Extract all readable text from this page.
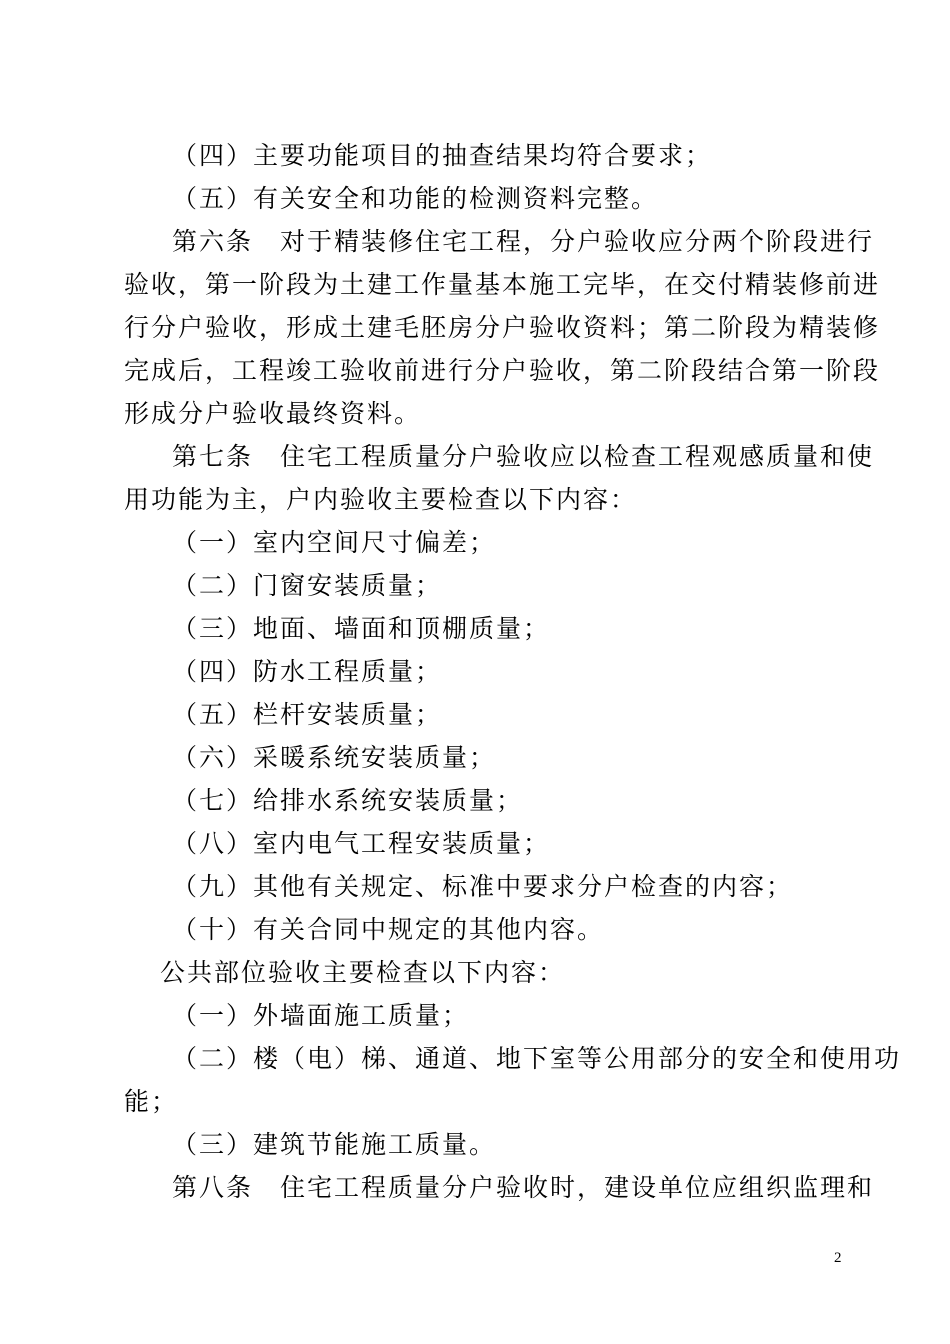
（四）主要功能项目的抽查结果均符合要求；
（五）有关安全和功能的检测资料完整。
第六条　对于精装修住宅工程，分户验收应分两个阶段进行
验收，第一阶段为土建工作量基本施工完毕，在交付精装修前进
行分户验收，形成土建毛胚房分户验收资料；第二阶段为精装修
完成后，工程竣工验收前进行分户验收，第二阶段结合第一阶段
形成分户验收最终资料。
第七条　住宅工程质量分户验收应以检查工程观感质量和使
用功能为主，户内验收主要检查以下内容：
（一）室内空间尺寸偏差；
（二）门窗安装质量；
（三）地面、墙面和顶棚质量；
（四）防水工程质量；
（五）栏杆安装质量；
（六）采暖系统安装质量；
（七）给排水系统安装质量；
（八）室内电气工程安装质量；
（九）其他有关规定、标准中要求分户检查的内容；
（十）有关合同中规定的其他内容。
公共部位验收主要检查以下内容：
（一）外墙面施工质量；
（二）楼（电）梯、通道、地下室等公用部分的安全和使用功
能；
（三）建筑节能施工质量。
第八条　住宅工程质量分户验收时，建设单位应组织监理和
2
